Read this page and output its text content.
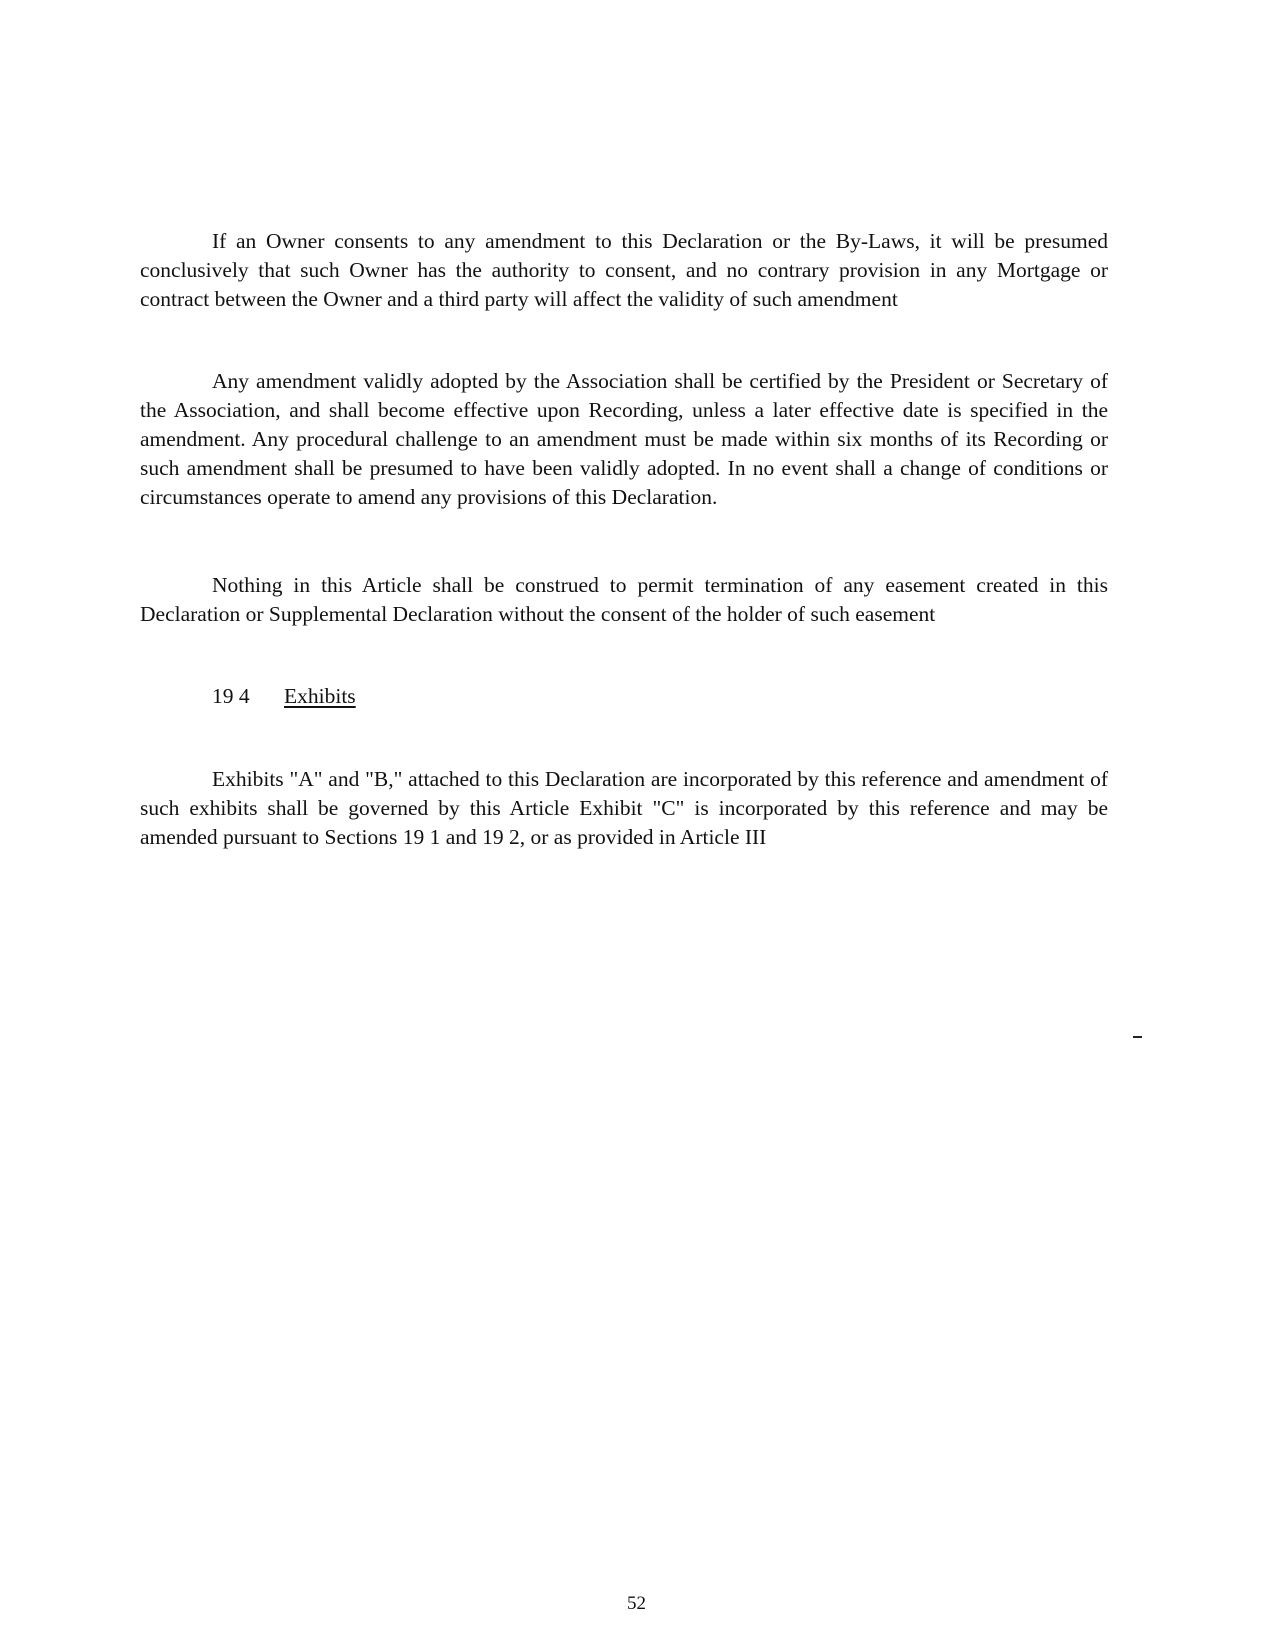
If an Owner consents to any amendment to this Declaration or the By-Laws, it will be presumed conclusively that such Owner has the authority to consent, and no contrary provision in any Mortgage or contract between the Owner and a third party will affect the validity of such amendment

Any amendment validly adopted by the Association shall be certified by the President or Secretary of the Association, and shall become effective upon Recording, unless a later effective date is specified in the amendment. Any procedural challenge to an amendment must be made within six months of its Recording or such amendment shall be presumed to have been validly adopted. In no event shall a change of conditions or circumstances operate to amend any provisions of this Declaration.

Nothing in this Article shall be construed to permit termination of any easement created in this Declaration or Supplemental Declaration without the consent of the holder of such easement

19 4 Exhibits

Exhibits "A" and "B," attached to this Declaration are incorporated by this reference and amendment of such exhibits shall be governed by this Article Exhibit "C" is incorporated by this reference and may be amended pursuant to Sections 19 1 and 19 2, or as provided in Article III

52
